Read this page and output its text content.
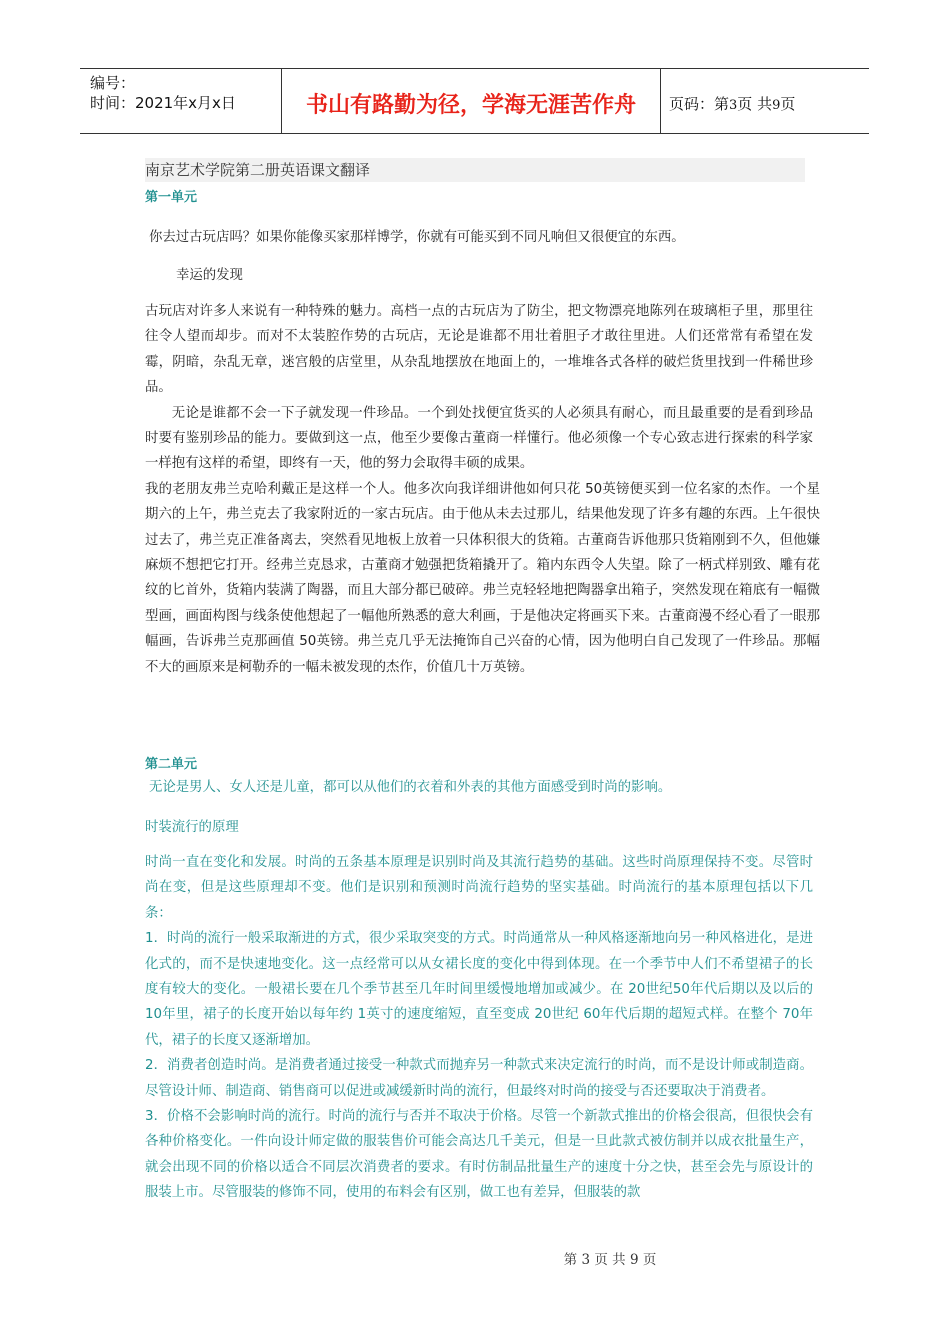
编号：
时间：2021年x月x日	书山有路勤为径，学海无涯苦作舟	页码：第3页 共9页
南京艺术学院第二册英语课文翻译
第一单元
你去过古玩店吗？如果你能像买家那样博学，你就有可能买到不同凡响但又很便宜的东西。
幸运的发现

古玩店对许多人来说有一种特殊的魅力。高档一点的古玩店为了防尘，把文物漂亮地陈列在玻璃柜子里，那里往往令人望而却步。而对不太装腔作势的古玩店，无论是谁都不用壮着胆子才敢往里进。人们还常常有希望在发霉，阴暗，杂乱无章，迷宫般的店堂里，从杂乱地摆放在地面上的，一堆堆各式各样的破烂货里找到一件稀世珍品。

无论是谁都不会一下子就发现一件珍品。一个到处找便宜货买的人必须具有耐心，而且最重要的是看到珍品时要有鉴别珍品的能力。要做到这一点，他至少要像古董商一样懂行。他必须像一个专心致志进行探索的科学家一样抱有这样的希望，即终有一天，他的努力会取得丰硕的成果。

我的老朋友弗兰克哈利戴正是这样一个人。他多次向我详细讲他如何只花 50英镑便买到一位名家的杰作。一个星期六的上午，弗兰克去了我家附近的一家古玩店。由于他从未去过那儿，结果他发现了许多有趣的东西。上午很快过去了，弗兰克正准备离去，突然看见地板上放着一只体积很大的货箱。古董商告诉他那只货箱刚到不久，但他嫌麻烦不想把它打开。经弗兰克恳求，古董商才勉强把货箱撬开了。箱内东西令人失望。除了一柄式样别致、雕有花纹的匕首外，货箱内装满了陶器，而且大部分都已破碎。弗兰克轻轻地把陶器拿出箱子，突然发现在箱底有一幅微型画，画面构图与线条使他想起了一幅他所熟悉的意大利画，于是他决定将画买下来。古董商漫不经心看了一眼那幅画，告诉弗兰克那画值 50英镑。弗兰克几乎无法掩饰自己兴奋的心情，因为他明白自己发现了一件珍品。那幅不大的画原来是柯勒乔的一幅未被发现的杰作，价值几十万英镑。

第二单元
无论是男人、女人还是儿童，都可以从他们的衣着和外表的其他方面感受到时尚的影响。
时装流行的原理

时尚一直在变化和发展。时尚的五条基本原理是识别时尚及其流行趋势的基础。这些时尚原理保持不变。尽管时尚在变，但是这些原理却不变。他们是识别和预测时尚流行趋势的坚实基础。时尚流行的基本原理包括以下几条：

1．时尚的流行一般采取渐进的方式，很少采取突变的方式。时尚通常从一种风格逐渐地向另一种风格进化，是进化式的，而不是快速地变化。这一点经常可以从女裙长度的变化中得到体现。在一个季节中人们不希望裙子的长度有较大的变化。一般裙长要在几个季节甚至几年时间里缓慢地增加或减少。在 20世纪50年代后期以及以后的 10年里，裙子的长度开始以每年约 1英寸的速度缩短，直至变成 20世纪 60年代后期的超短式样。在整个 70年代，裙子的长度又逐渐增加。

2．消费者创造时尚。是消费者通过接受一种款式而抛弃另一种款式来决定流行的时尚，而不是设计师或制造商。尽管设计师、制造商、销售商可以促进或减缓新时尚的流行，但最终对时尚的接受与否还要取决于消费者。

3．价格不会影响时尚的流行。时尚的流行与否并不取决于价格。尽管一个新款式推出的价格会很高，但很快会有各种价格变化。一件向设计师定做的服装售价可能会高达几千美元，但是一旦此款式被仿制并以成衣批量生产，就会出现不同的价格以适合不同层次消费者的要求。有时仿制品批量生产的速度十分之快，甚至会先与原设计的服装上市。尽管服装的修饰不同，使用的布料会有区别，做工也有差异，但服装的款

第 3 页 共 9 页
